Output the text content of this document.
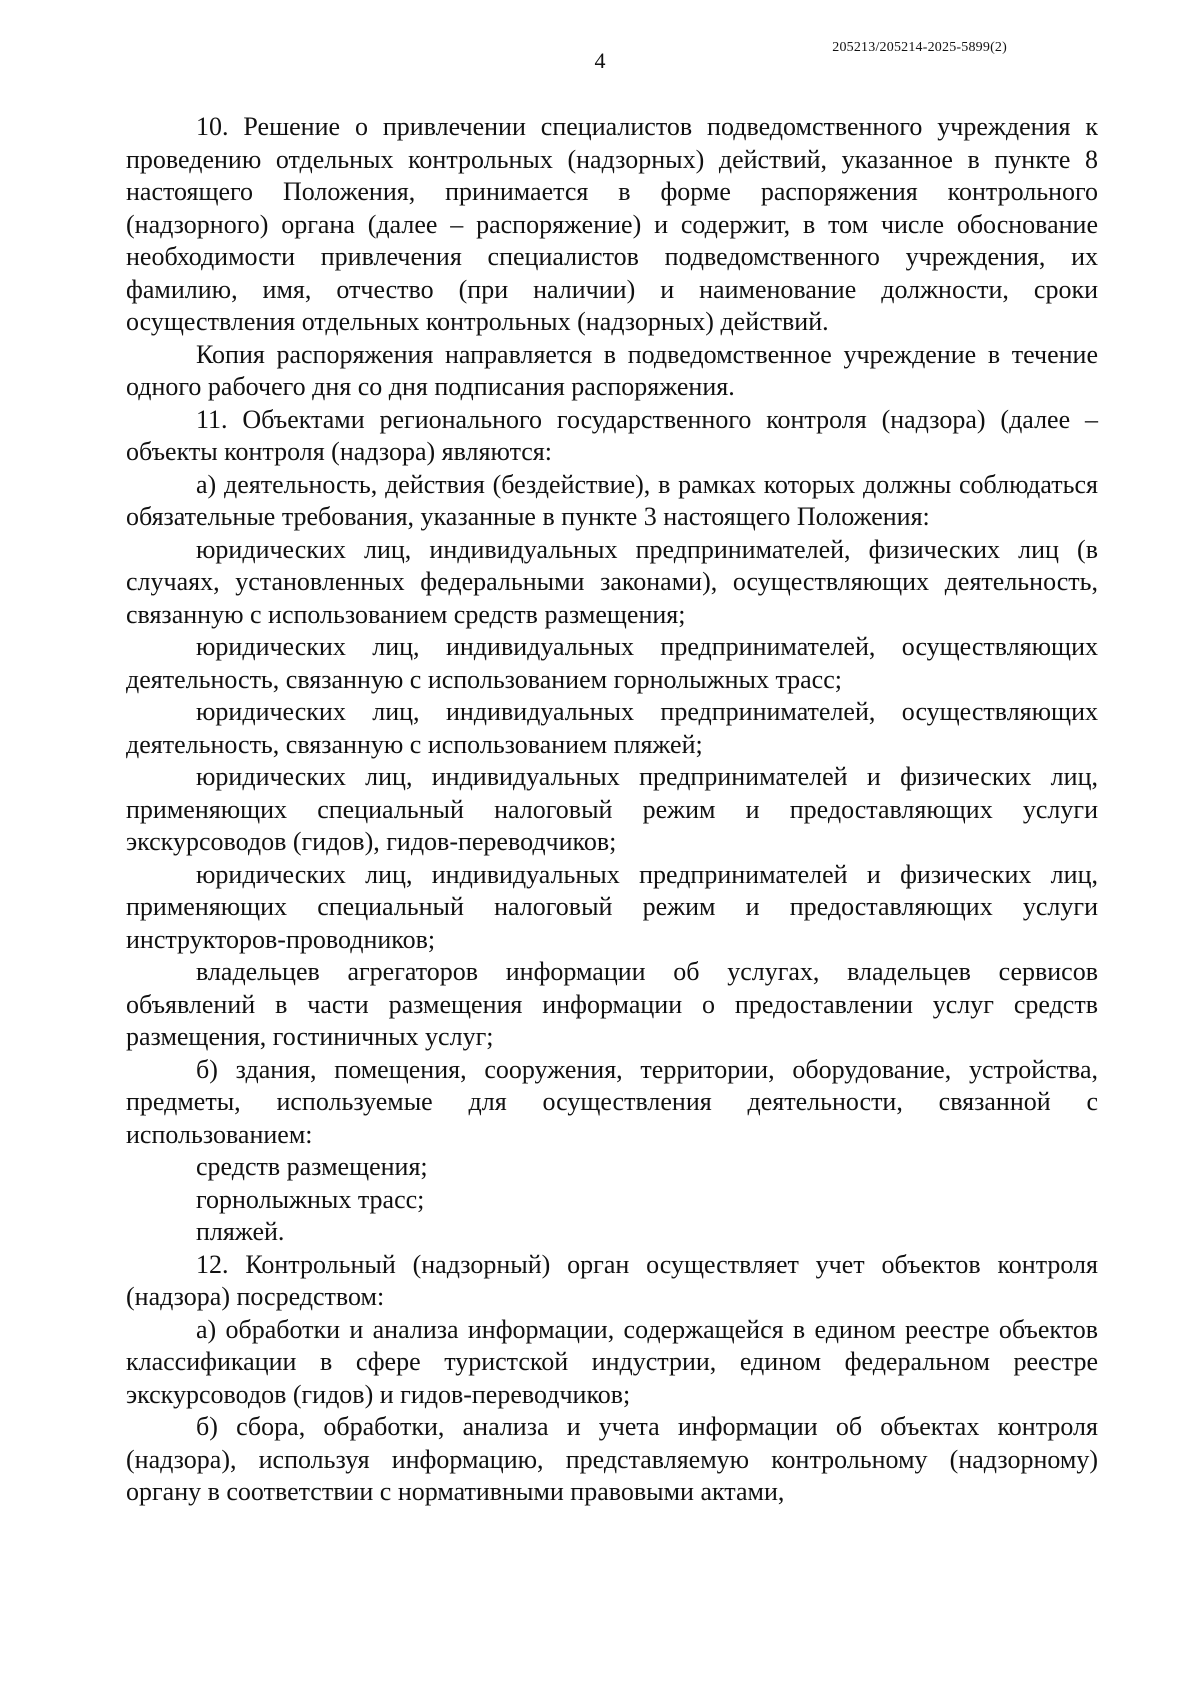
4
205213/205214-2025-5899(2)

10. Решение о привлечении специалистов подведомственного учреждения к проведению отдельных контрольных (надзорных) действий, указанное в пункте 8 настоящего Положения, принимается в форме распоряжения контрольного (надзорного) органа (далее – распоряжение) и содержит, в том числе обоснование необходимости привлечения специалистов подведомственного учреждения, их фамилию, имя, отчество (при наличии) и наименование должности, сроки осуществления отдельных контрольных (надзорных) действий.

Копия распоряжения направляется в подведомственное учреждение в течение одного рабочего дня со дня подписания распоряжения.

11. Объектами регионального государственного контроля (надзора) (далее – объекты контроля (надзора) являются:

а) деятельность, действия (бездействие), в рамках которых должны соблюдаться обязательные требования, указанные в пункте 3 настоящего Положения:

юридических лиц, индивидуальных предпринимателей, физических лиц (в случаях, установленных федеральными законами), осуществляющих деятельность, связанную с использованием средств размещения;

юридических лиц, индивидуальных предпринимателей, осуществляющих деятельность, связанную с использованием горнолыжных трасс;

юридических лиц, индивидуальных предпринимателей, осуществляющих деятельность, связанную с использованием пляжей;

юридических лиц, индивидуальных предпринимателей и физических лиц, применяющих специальный налоговый режим и предоставляющих услуги экскурсоводов (гидов), гидов-переводчиков;

юридических лиц, индивидуальных предпринимателей и физических лиц, применяющих специальный налоговый режим и предоставляющих услуги инструкторов-проводников;

владельцев агрегаторов информации об услугах, владельцев сервисов объявлений в части размещения информации о предоставлении услуг средств размещения, гостиничных услуг;

б) здания, помещения, сооружения, территории, оборудование, устройства, предметы, используемые для осуществления деятельности, связанной с использованием:

средств размещения;

горнолыжных трасс;

пляжей.

12. Контрольный (надзорный) орган осуществляет учет объектов контроля (надзора) посредством:

а) обработки и анализа информации, содержащейся в едином реестре объектов классификации в сфере туристской индустрии, едином федеральном реестре экскурсоводов (гидов) и гидов-переводчиков;

б) сбора, обработки, анализа и учета информации об объектах контроля (надзора), используя информацию, представляемую контрольному (надзорному) органу в соответствии с нормативными правовыми актами,
